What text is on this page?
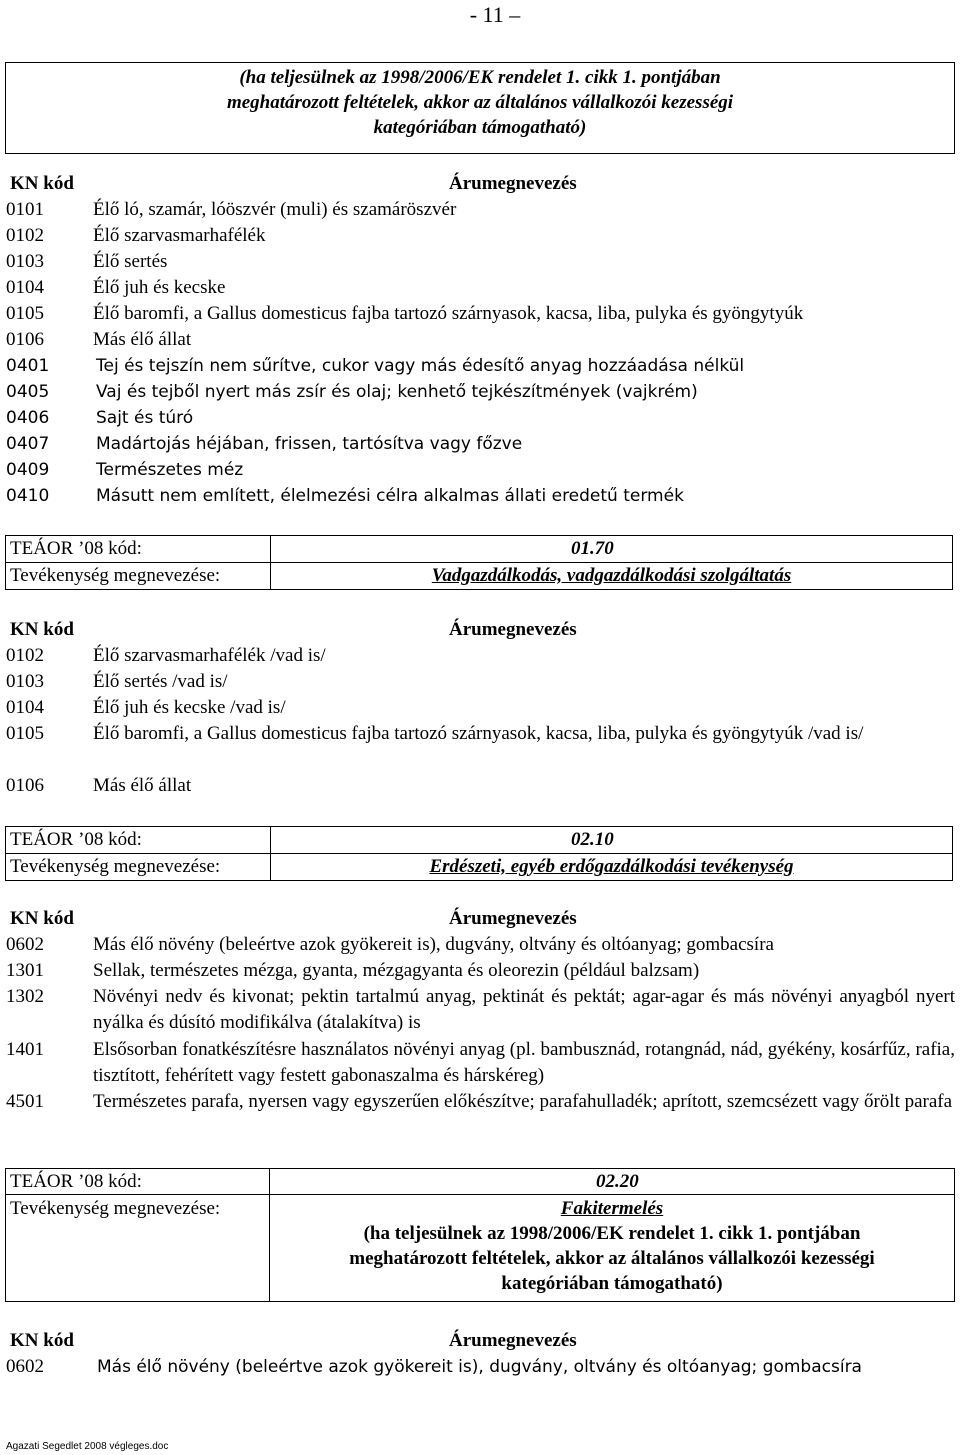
- 11 –
(ha teljesülnek az 1998/2006/EK rendelet 1. cikk 1. pontjában
meghatározott feltételek, akkor az általános vállalkozói kezességi
kategóriában támogatható)
KN kód	Árumegnevezés
0101	Élő ló, szamár, lóöszvér (muli) és szamáröszvér
0102	Élő szarvasmarhafélék
0103	Élő sertés
0104	Élő juh és kecske
0105	Élő baromfi, a Gallus domesticus fajba tartozó szárnyasok, kacsa, liba, pulyka és gyöngytyúk
0106	Más élő állat
0401	Tej és tejszín nem sűrítve, cukor vagy más édesítő anyag hozzáadása nélkül
0405	Vaj és tejből nyert más zsír és olaj; kenhető tejkészítmények (vajkrém)
0406	Sajt és túró
0407	Madártojás héjában, frissen, tartósítva vagy főzve
0409	Természetes méz
0410	Másutt nem említett, élelmezési célra alkalmas állati eredetű termék
TEÁOR ’08 kód:	01.70
Tevékenység megnevezése:	Vadgazdálkodás, vadgazdálkodási szolgáltatás
KN kód	Árumegnevezés
0102	Élő szarvasmarhafélék /vad is/
0103	Élő sertés /vad is/
0104	Élő juh és kecske /vad is/
0105	Élő baromfi, a Gallus domesticus fajba tartozó szárnyasok, kacsa, liba, pulyka és gyöngytyúk /vad is/
0106	Más élő állat
TEÁOR ’08 kód:	02.10
Tevékenység megnevezése:	Erdészeti, egyéb erdőgazdálkodási tevékenység
KN kód	Árumegnevezés
0602	Más élő növény (beleértve azok gyökereit is), dugvány, oltvány és oltóanyag; gombacsíra
1301	Sellak, természetes mézga, gyanta, mézgagyanta és oleorezin (például balzsam)
1302	Növényi nedv és kivonat; pektin tartalmú anyag, pektinát és pektát; agar-agar és más növényi anyagból nyert nyálka és dúsító modifikálva (átalakítva) is
1401	Elsősorban fonatkészítésre használatos növényi anyag (pl. bambusznád, rotangnád, nád, gyékény, kosárfűz, rafia, tisztított, fehérített vagy festett gabonaszalma és hárskéreg)
4501	Természetes parafa, nyersen vagy egyszerűen előkészítve; parafahulladék; aprított, szemcsézett vagy őrölt parafa
TEÁOR ’08 kód:	02.20
Tevékenység megnevezése:	Fakitermelés
(ha teljesülnek az 1998/2006/EK rendelet 1. cikk 1. pontjában
meghatározott feltételek, akkor az általános vállalkozói kezességi
kategóriában támogatható)
KN kód	Árumegnevezés
0602	Más élő növény (beleértve azok gyökereit is), dugvány, oltvány és oltóanyag; gombacsíra
Agazati Segedlet 2008 végleges.doc
